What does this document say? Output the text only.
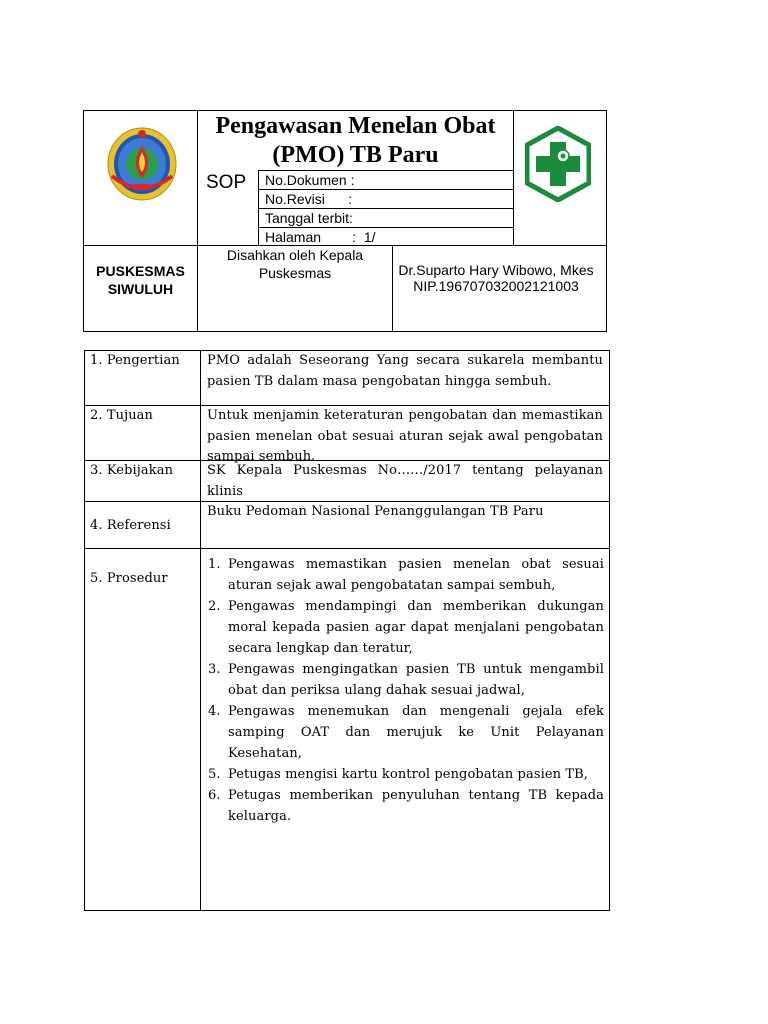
Pengawasan Menelan Obat
(PMO) TB Paru
SOP No.Dokumen :
No.Revisi      :
Tanggal terbit:
Halaman        :  1/
PUSKESMAS
SIWULUH
Disahkan oleh Kepala
Puskesmas	Dr.Suparto Hary Wibowo, Mkes
NIP.196707032002121003
1. Pengertian
2. Tujuan
3. Kebijakan
4. Referensi
5. Prosedur
PMO adalah Seseorang Yang secara sukarela membantu pasien TB dalam masa pengobatan hingga sembuh.
Untuk menjamin keteraturan pengobatan dan memastikan pasien menelan obat sesuai aturan sejak awal pengobatan sampai sembuh.
SK Kepala Puskesmas No……/2017 tentang pelayanan klinis
Buku Pedoman Nasional Penanggulangan TB Paru
1. Pengawas memastikan pasien menelan obat sesuai aturan sejak awal pengobatatan sampai sembuh,
2. Pengawas mendampingi dan memberikan dukungan moral kepada pasien agar dapat menjalani pengobatan secara lengkap dan teratur,
3. Pengawas mengingatkan pasien TB untuk mengambil obat dan periksa ulang dahak sesuai jadwal,
4. Pengawas menemukan dan mengenali gejala efek samping OAT dan merujuk ke Unit Pelayanan Kesehatan,
5. Petugas mengisi kartu kontrol pengobatan pasien TB,
6. Petugas memberikan penyuluhan tentang TB kepada keluarga.
